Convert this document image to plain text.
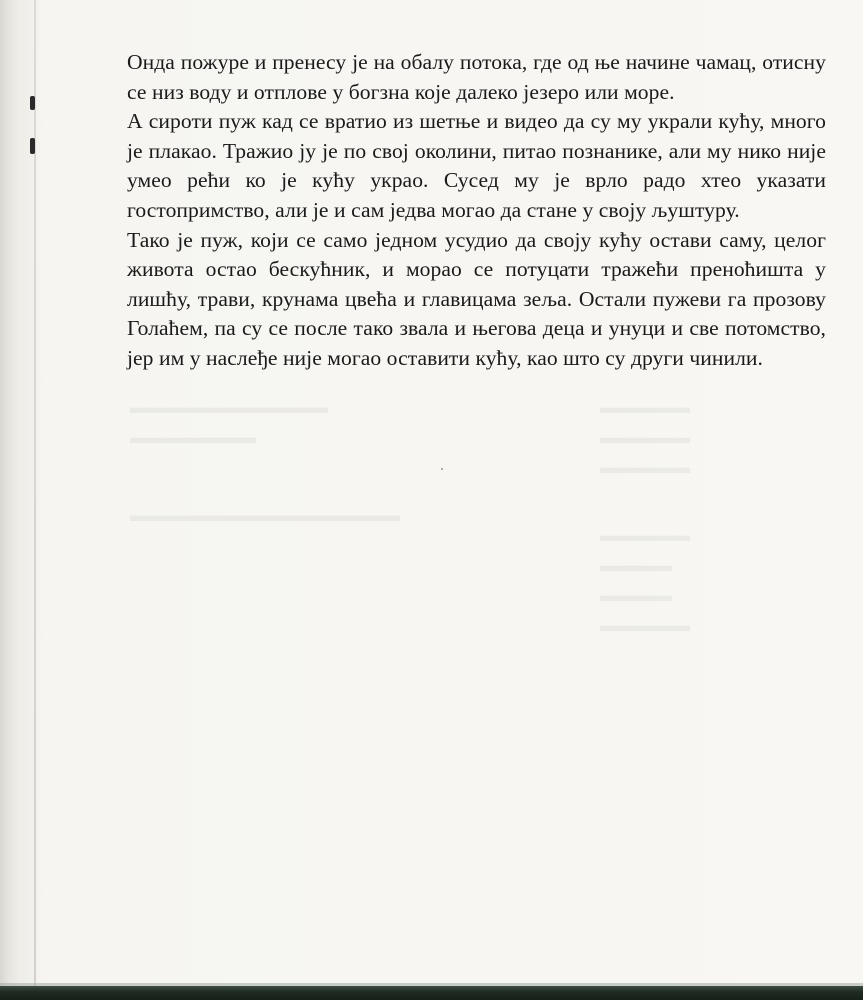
▬▬▬▬▬
▬▬▬▬▬
▬▬▬▬▬
▬▬▬▬▬
▬▬▬▬
▬▬▬▬
▬▬▬▬▬
▬▬▬▬▬▬▬▬▬▬▬
▬▬▬▬▬▬▬
▬▬▬▬▬▬▬▬▬▬▬▬▬▬▬

Онда пожуре и пренесу је на обалу потока, где од ње начине чамац, отисну се низ воду и отплове у богзна које далеко језеро или море.

А сироти пуж кад се вратио из шетње и видео да су му украли кућу, много је плакао. Тражио ју је по свој околини, питао познанике, али му нико није умео рећи ко је кућу украо. Сусед му је врло радо хтео указати гостопримство, али је и сам једва могао да стане у своју љуштуру.

Тако је пуж, који се само једном усудио да своју кућу остави саму, целог живота остао бескућник, и морао се потуцати тражећи преноћишта у лишћу, трави, крунама цвећа и главицама зеља. Остали пужеви га прозову Голаћем, па су се после тако звала и његова деца и унуци и све потомство, јер им у наслеђе није могао оставити кућу, као што су други чинили.
